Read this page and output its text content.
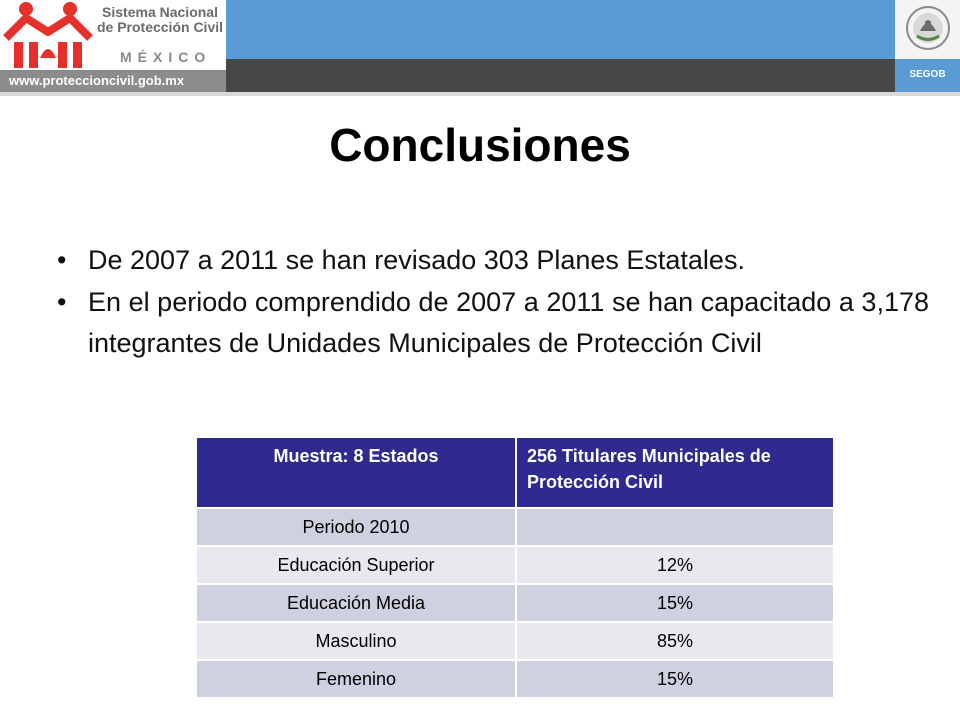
Sistema Nacional
de Protección Civil
MÉXICO
www.proteccioncivil.gob.mx	SEGOB
Conclusiones
• De 2007 a 2011 se han revisado 303 Planes Estatales.
• En el periodo comprendido de 2007 a 2011 se han capacitado a 3,178 integrantes de Unidades Municipales de Protección Civil
Muestra: 8 Estados	256 Titulares Municipales de Protección Civil
Periodo 2010	
Educación Superior	12%
Educación Media	15%
Masculino	85%
Femenino	15%
